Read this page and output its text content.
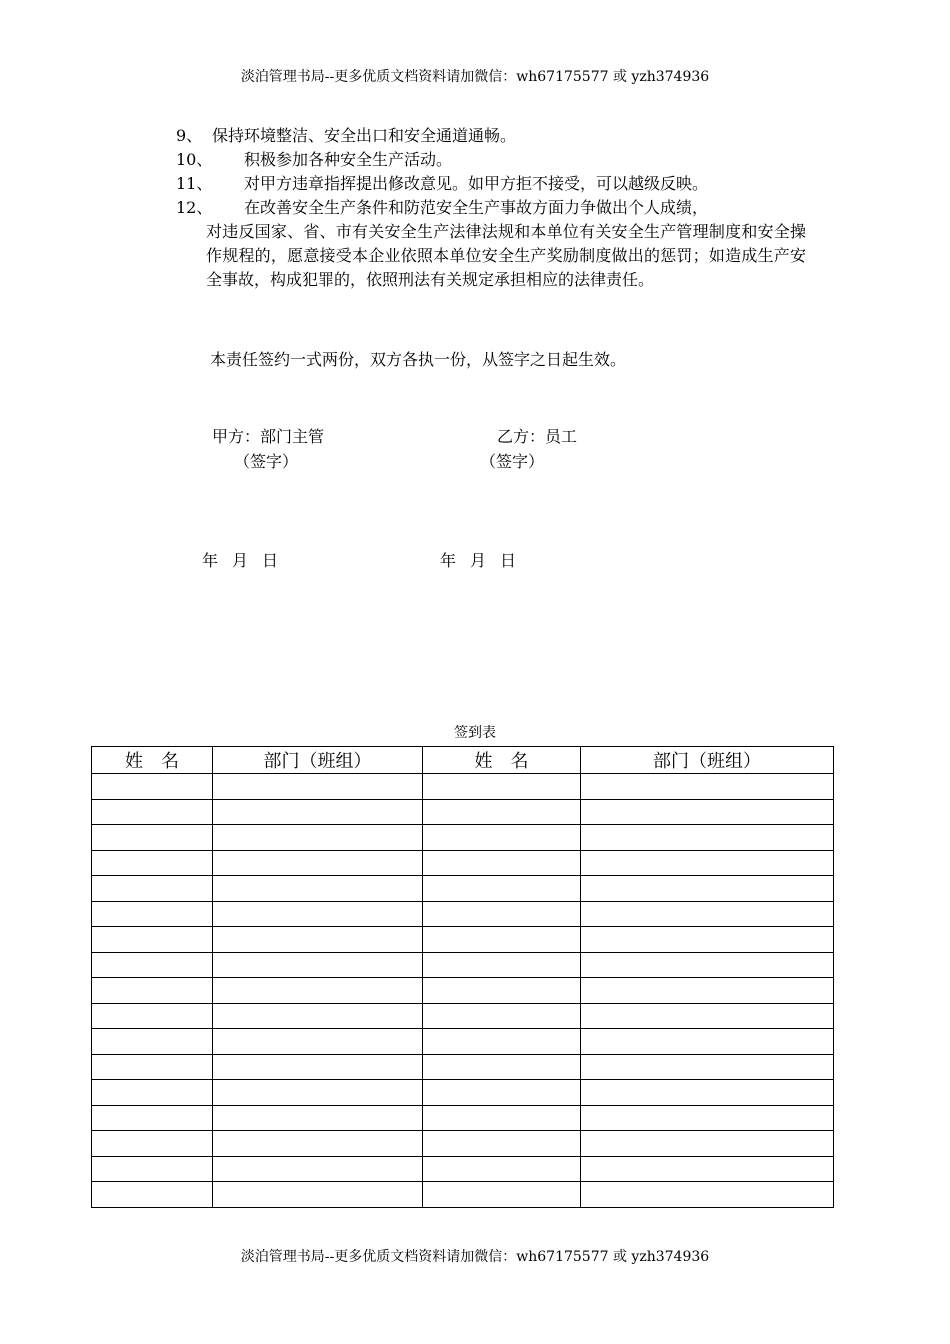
淡泊管理书局--更多优质文档资料请加微信：wh67175577 或 yzh374936
9、 保持环境整洁、安全出口和安全通道通畅。
10、 积极参加各种安全生产活动。
11、 对甲方违章指挥提出修改意见。如甲方拒不接受，可以越级反映。
12、 在改善安全生产条件和防范安全生产事故方面力争做出个人成绩，
对违反国家、省、市有关安全生产法律法规和本单位有关安全生产管理制度和安全操作规程的，愿意接受本企业依照本单位安全生产奖励制度做出的惩罚；如造成生产安全事故，构成犯罪的，依照刑法有关规定承担相应的法律责任。
本责任签约一式两份，双方各执一份，从签字之日起生效。
甲方：部门主管
（签字）
乙方：员工
（签字）
年 月 日	年 月 日
签到表
姓　名	部门（班组）	姓　名	部门（班组）

淡泊管理书局--更多优质文档资料请加微信：wh67175577 或 yzh374936
